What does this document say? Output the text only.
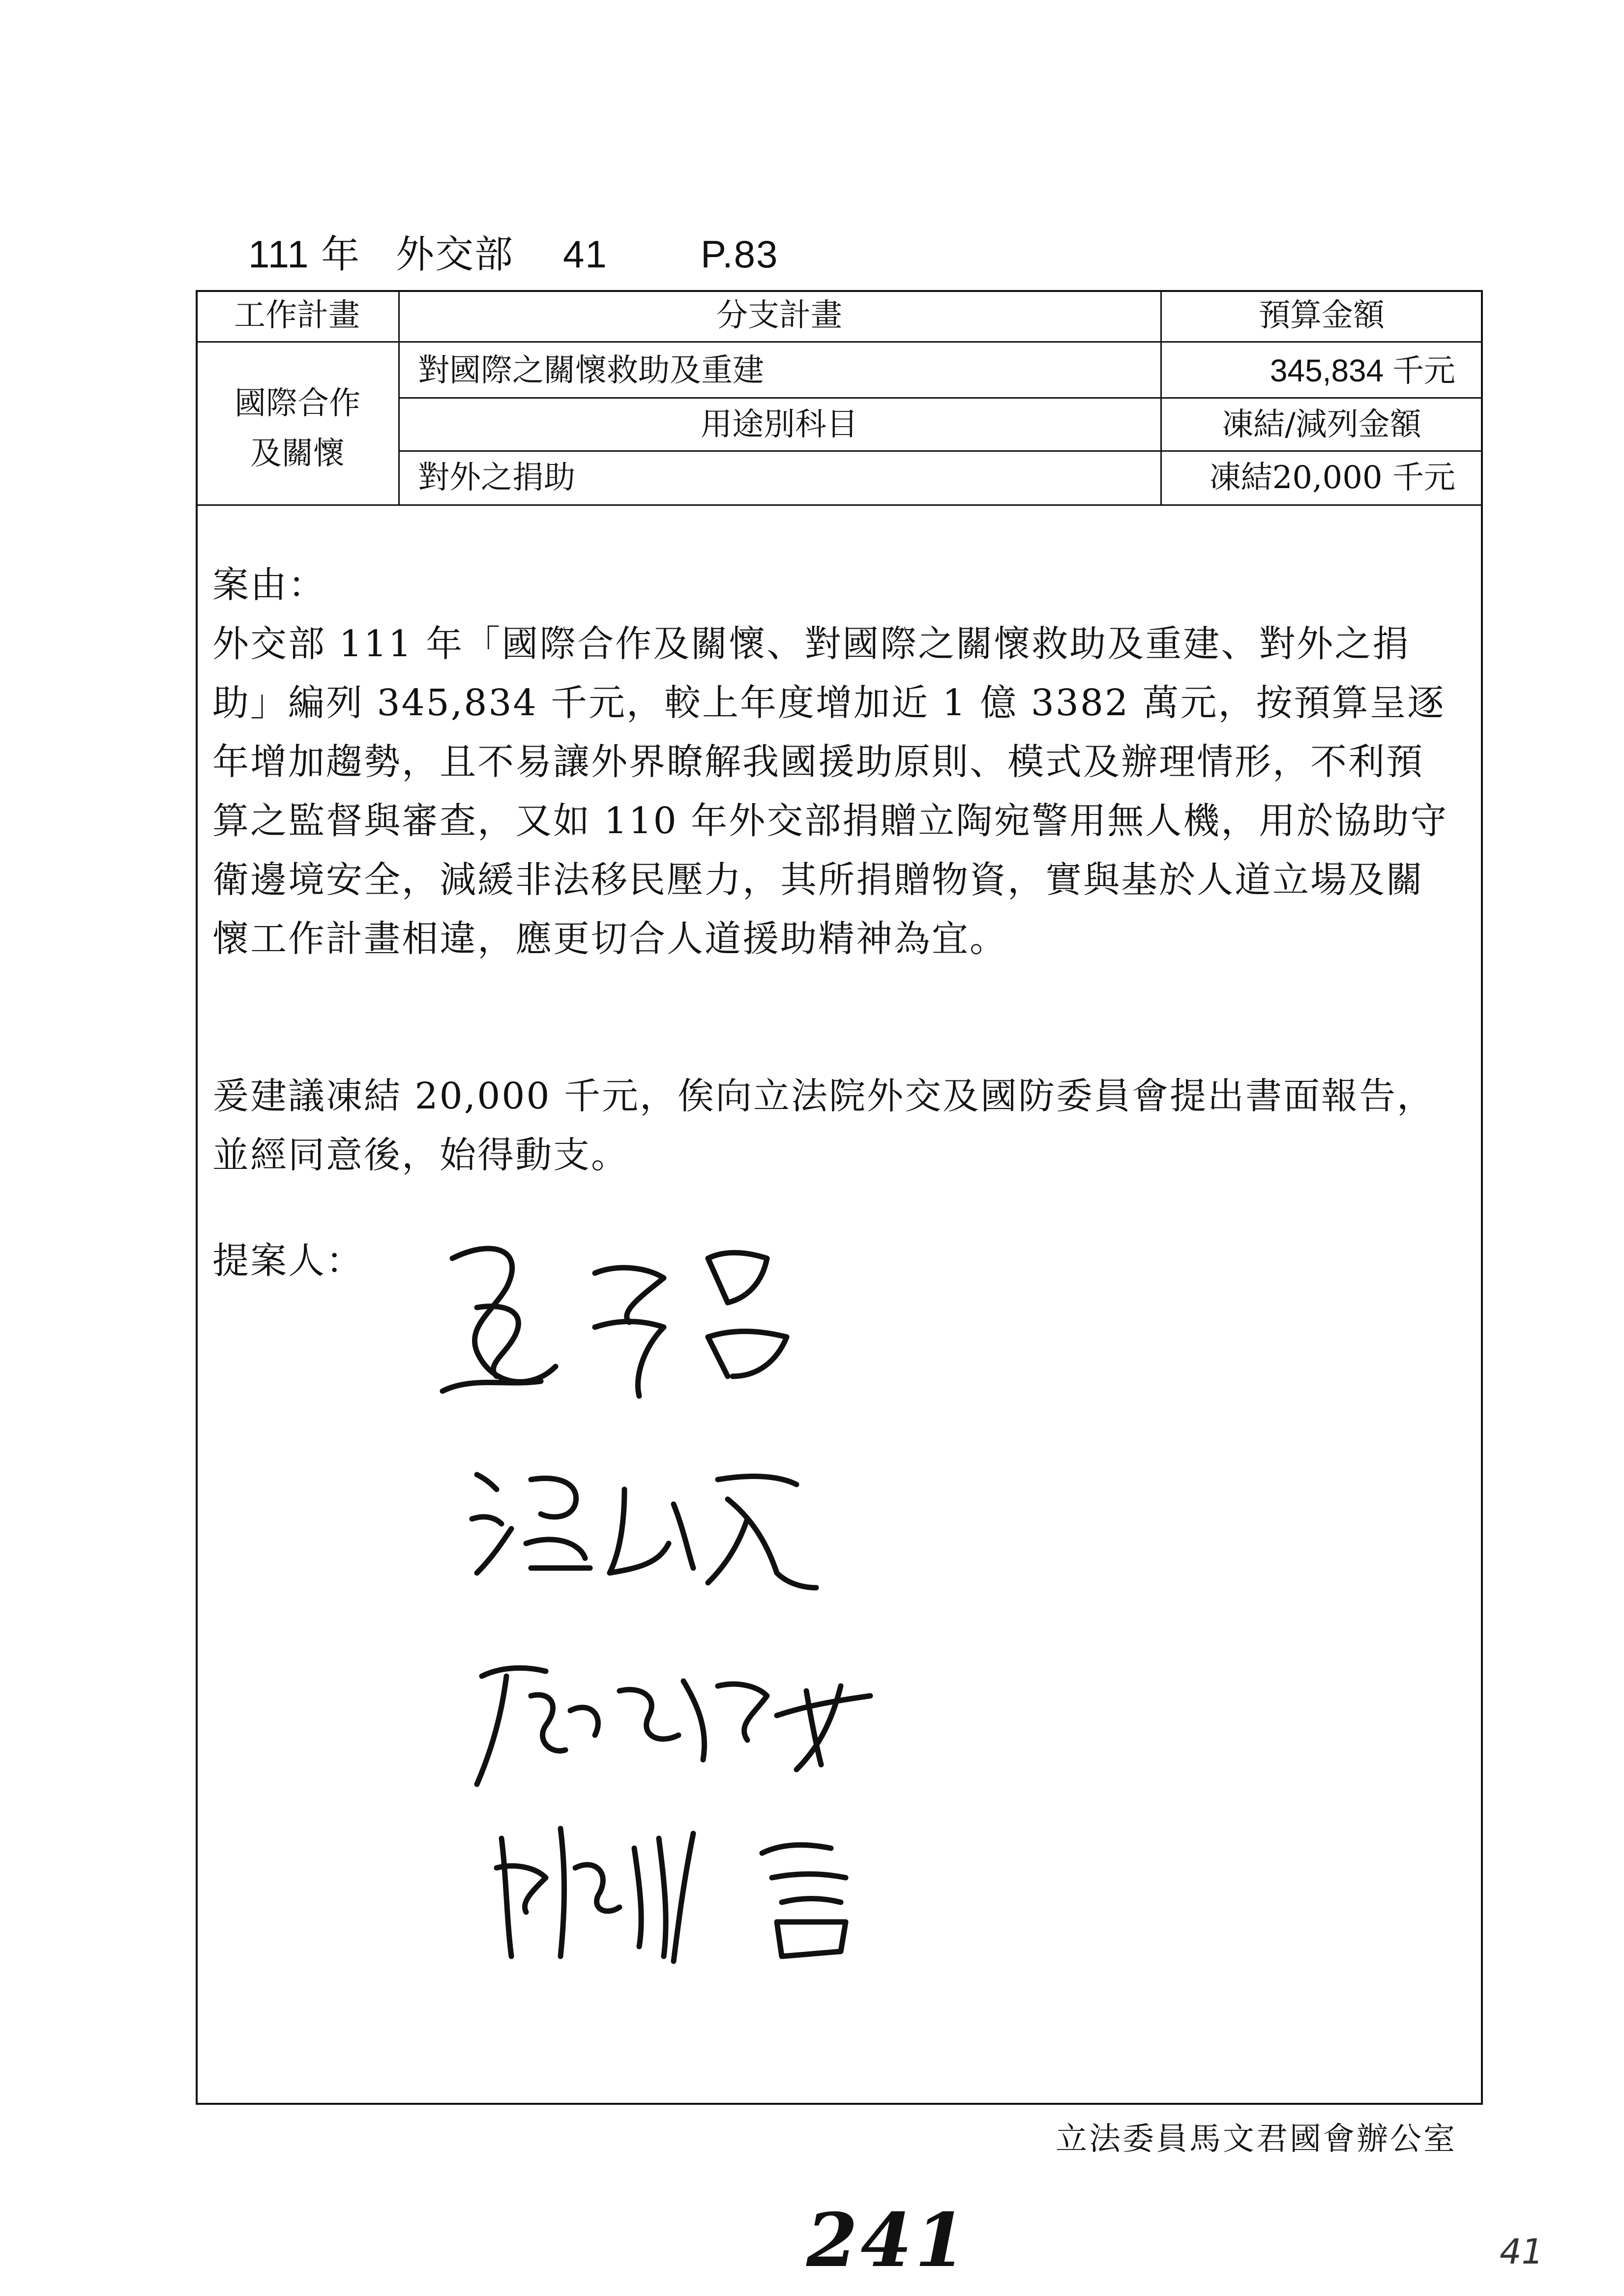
111 年 外交部 41 P.83
工作計畫	分支計畫	預算金額
國際合作及關懷
對國際之關懷救助及重建	345,834 千元
用途別科目	凍結/減列金額
對外之捐助	凍結20,000 千元
案由：
外交部 111 年「國際合作及關懷、對國際之關懷救助及重建、對外之捐助」編列 345,834 千元，較上年度增加近 1 億 3382 萬元，按預算呈逐年增加趨勢，且不易讓外界瞭解我國援助原則、模式及辦理情形，不利預算之監督與審查，又如 110 年外交部捐贈立陶宛警用無人機，用於協助守衛邊境安全，減緩非法移民壓力，其所捐贈物資，實與基於人道立場及關懷工作計畫相違，應更切合人道援助精神為宜。
爰建議凍結 20,000 千元，俟向立法院外交及國防委員會提出書面報告，並經同意後，始得動支。
提案人：
立法委員馬文君國會辦公室
241	41
